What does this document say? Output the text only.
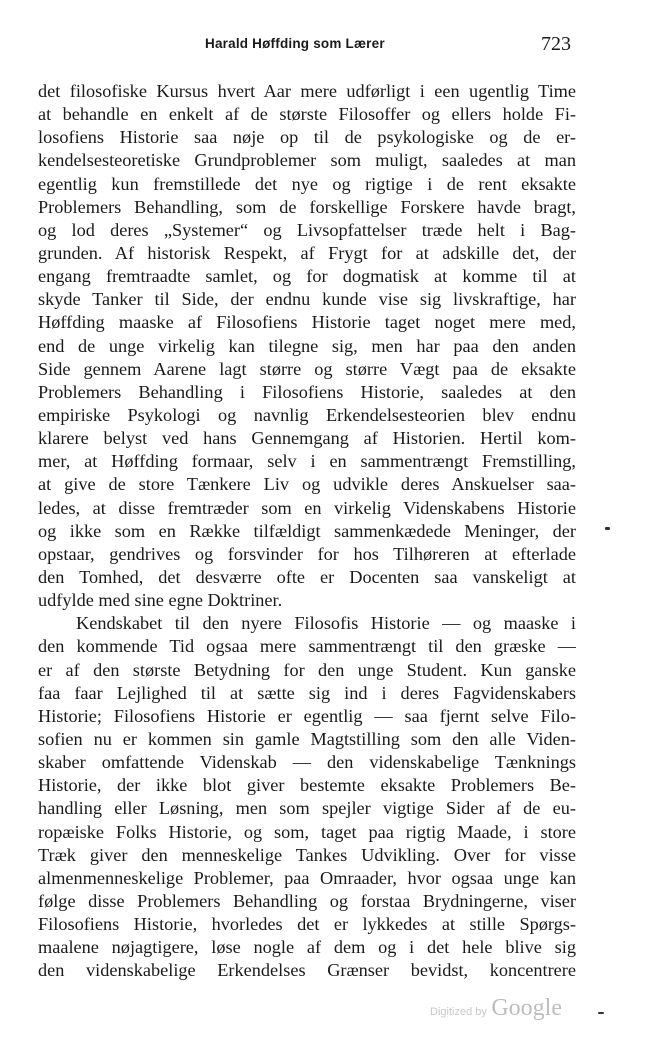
Harald Høffding som Lærer	723
det filosofiske Kursus hvert Aar mere udførligt i een ugentlig Time
at behandle en enkelt af de største Filosoffer og ellers holde Fi-
losofiens Historie saa nøje op til de psykologiske og de er-
kendelsesteoretiske Grundproblemer som muligt, saaledes at man
egentlig kun fremstillede det nye og rigtige i de rent eksakte
Problemers Behandling, som de forskellige Forskere havde bragt,
og lod deres „Systemer“ og Livsopfattelser træde helt i Bag-
grunden. Af historisk Respekt, af Frygt for at adskille det, der
engang fremtraadte samlet, og for dogmatisk at komme til at
skyde Tanker til Side, der endnu kunde vise sig livskraftige, har
Høffding maaske af Filosofiens Historie taget noget mere med,
end de unge virkelig kan tilegne sig, men har paa den anden
Side gennem Aarene lagt større og større Vægt paa de eksakte
Problemers Behandling i Filosofiens Historie, saaledes at den
empiriske Psykologi og navnlig Erkendelsesteorien blev endnu
klarere belyst ved hans Gennemgang af Historien. Hertil kom-
mer, at Høffding formaar, selv i en sammentrængt Fremstilling,
at give de store Tænkere Liv og udvikle deres Anskuelser saa-
ledes, at disse fremtræder som en virkelig Videnskabens Historie
og ikke som en Række tilfældigt sammenkædede Meninger, der
opstaar, gendrives og forsvinder for hos Tilhøreren at efterlade
den Tomhed, det desværre ofte er Docenten saa vanskeligt at
udfylde med sine egne Doktriner.
Kendskabet til den nyere Filosofis Historie — og maaske i
den kommende Tid ogsaa mere sammentrængt til den græske —
er af den største Betydning for den unge Student. Kun ganske
faa faar Lejlighed til at sætte sig ind i deres Fagvidenskabers
Historie; Filosofiens Historie er egentlig — saa fjernt selve Filo-
sofien nu er kommen sin gamle Magtstilling som den alle Viden-
skaber omfattende Videnskab — den videnskabelige Tænknings
Historie, der ikke blot giver bestemte eksakte Problemers Be-
handling eller Løsning, men som spejler vigtige Sider af de eu-
ropæiske Folks Historie, og som, taget paa rigtig Maade, i store
Træk giver den menneskelige Tankes Udvikling. Over for visse
almenmenneskelige Problemer, paa Omraader, hvor ogsaa unge kan
følge disse Problemers Behandling og forstaa Brydningerne, viser
Filosofiens Historie, hvorledes det er lykkedes at stille Spørgs-
maalene nøjagtigere, løse nogle af dem og i det hele blive sig
den videnskabelige Erkendelses Grænser bevidst, koncentrere
Digitized by Google
